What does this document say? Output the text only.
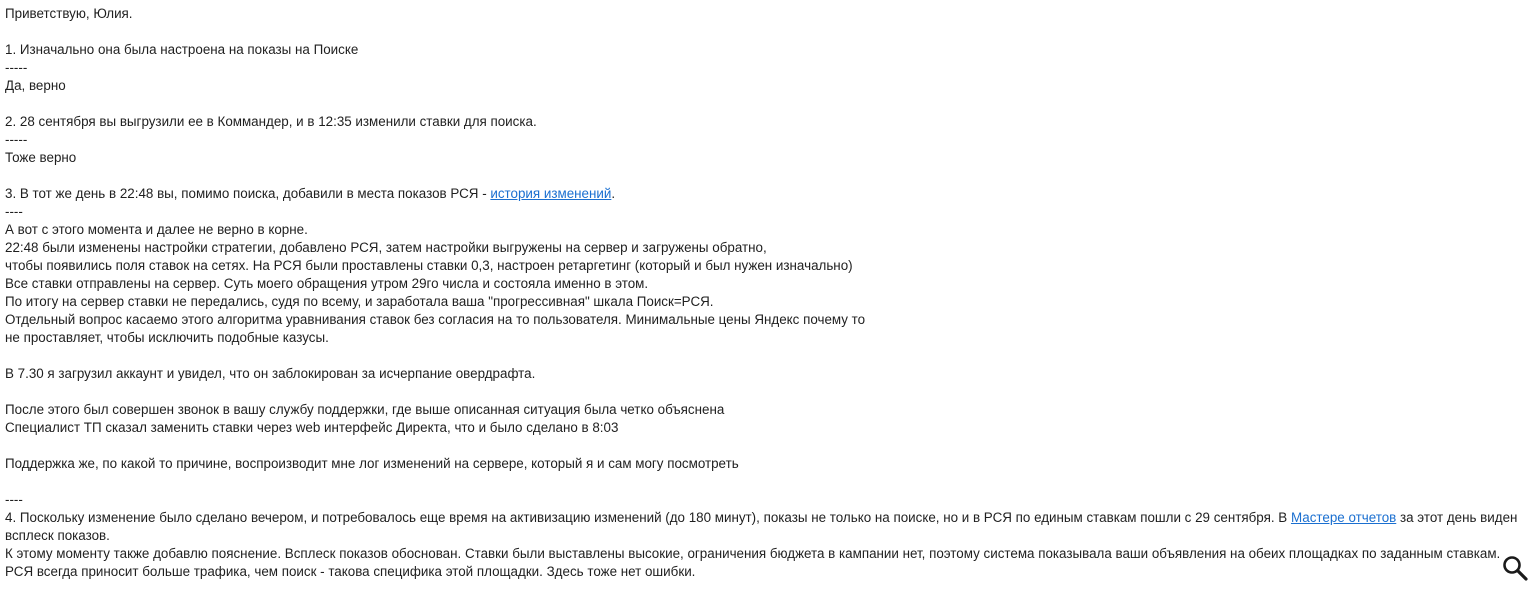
Приветствую, Юлия.
1. Изначально она была настроена на показы на Поиске
-----
Да, верно
2. 28 сентября вы выгрузили ее в Коммандер, и в 12:35 изменили ставки для поиска.
-----
Тоже верно
3. В тот же день в 22:48 вы, помимо поиска, добавили в места показов РСЯ - история изменений.
----
А вот с этого момента и далее не верно в корне.
22:48 были изменены настройки стратегии, добавлено РСЯ, затем настройки выгружены на сервер и загружены обратно,
чтобы появились поля ставок на сетях. На РСЯ были проставлены ставки 0,3, настроен ретаргетинг (который и был нужен изначально)
Все ставки отправлены на сервер. Суть моего обращения утром 29го числа и состояла именно в этом.
По итогу на сервер ставки не передались, судя по всему, и заработала ваша "прогрессивная" шкала Поиск=РСЯ.
Отдельный вопрос касаемо этого алгоритма уравнивания ставок без согласия на то пользователя. Минимальные цены Яндекс почему то
не проставляет, чтобы исключить подобные казусы.
В 7.30 я загрузил аккаунт и увидел, что он заблокирован за исчерпание овердрафта.
После этого был совершен звонок в вашу службу поддержки, где выше описанная ситуация была четко объяснена
Специалист ТП сказал заменить ставки через web интерфейс Директа, что и было сделано в 8:03
Поддержка же, по какой то причине, воспроизводит мне лог изменений на сервере, который я и сам могу посмотреть
----
4. Поскольку изменение было сделано вечером, и потребовалось еще время на активизацию изменений (до 180 минут), показы не только на поиске, но и в РСЯ по единым ставкам пошли с 29 сентября. В Мастере отчетов за этот день виден всплеск показов.
К этому моменту также добавлю пояснение. Всплеск показов обоснован. Ставки были выставлены высокие, ограничения бюджета в кампании нет, поэтому система показывала ваши объявления на обеих площадках по заданным ставкам. РСЯ всегда приносит больше трафика, чем поиск - такова специфика этой площадки. Здесь тоже нет ошибки.
